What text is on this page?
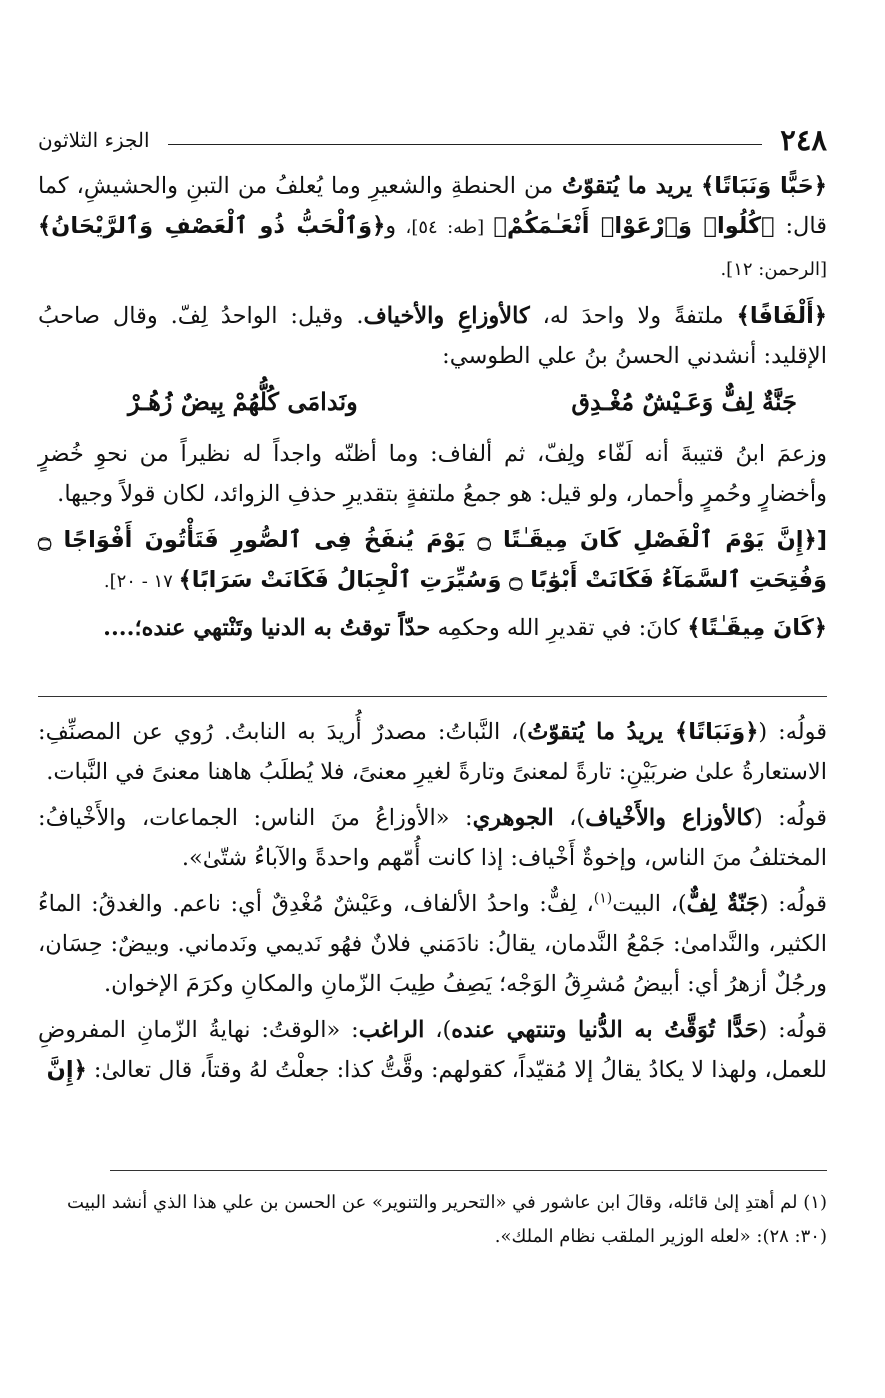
٢٤٨
الجزء الثلاثون

﴿حَبًّا وَنَبَاتًا﴾ يريد ما يُتقوّتُ من الحنطةِ والشعيرِ وما يُعلفُ من التبنِ والحشيشِ، كما قال: ﴿كُلُوا۟ وَٱرْعَوْا۟ أَنْعَـٰمَكُمْ﴾ [طه: ٥٤]، و﴿وَٱلْحَبُّ ذُو ٱلْعَصْفِ وَٱلرَّيْحَانُ﴾ [الرحمن: ١٢].

﴿أَلْفَافًا﴾ ملتفةً ولا واحدَ له، كالأوزاعِ والأخياف. وقيل: الواحدُ لِفّ. وقال صاحبُ الإقليد: أنشدني الحسنُ بنُ علي الطوسي:

جَنَّةٌ لِفٌّ وَعَـيْشٌ مُغْـدِق
ونَدامَى كُلُّهُمْ بِيضٌ زُهُـرْ

وزعمَ ابنُ قتيبةَ أنه لَفّاء ولِفّ، ثم ألفاف: وما أظنّه واجداً له نظيراً من نحوِ خُضرٍ وأخضارٍ وحُمرٍ وأحمار، ولو قيل: هو جمعُ ملتفةٍ بتقديرِ حذفِ الزوائد، لكان قولاً وجيها.

[﴿إِنَّ يَوْمَ ٱلْفَصْلِ كَانَ مِيقَـٰتًا ۝ يَوْمَ يُنفَخُ فِى ٱلصُّورِ فَتَأْتُونَ أَفْوَاجًا ۝ وَفُتِحَتِ ٱلسَّمَآءُ فَكَانَتْ أَبْوَٰبًا ۝ وَسُيِّرَتِ ٱلْجِبَالُ فَكَانَتْ سَرَابًا﴾ ١٧ - ٢٠].

﴿كَانَ مِيقَـٰتًا﴾ كانَ: في تقديرِ الله وحكمِه حدّاً توقتُ به الدنيا وتَنْتهي عنده؛....

قولُه: (﴿وَنَبَاتًا﴾ يريدُ ما يُتقوّتُ)، النَّباتُ: مصدرٌ أُريدَ به النابتُ. رُوي عن المصنِّفِ: الاستعارةُ علىٰ ضربَيْنِ: تارةً لمعنىً وتارةً لغيرِ معنىً، فلا يُطلَبُ هاهنا معنىً في النَّبات.

قولُه: (كالأوزاع والأَخْياف)، الجوهري: «الأوزاعُ منَ الناس: الجماعات، والأَخْيافُ: المختلفُ منَ الناس، وإخوةٌ أَخْياف: إذا كانت أُمّهم واحدةً والآباءُ شتّىٰ».

قولُه: (جَنّةٌ لِفٌّ)، البيت$^{(١)}$، لِفٌّ: واحدُ الألفاف، وعَيْشٌ مُغْدِقٌ أي: ناعم. والغدقُ: الماءُ الكثير، والنَّدامىٰ: جَمْعُ النَّدمان، يقالُ: نادَمَني فلانٌ فهُو نَديمي ونَدماني. وبيضٌ: حِسَان، ورجُلٌ أزهرُ أي: أبيضُ مُشرِقُ الوَجْه؛ يَصِفُ طِيبَ الزّمانِ والمكانِ وكرَمَ الإخوان.

قولُه: (حَدًّا تُوَقَّتُ به الدُّنيا وتنتهي عنده)، الراغب: «الوقتُ: نهايةُ الزّمانِ المفروضِ للعمل، ولهذا لا يكادُ يقالُ إلا مُقيّداً، كقولهم: وقَّتُّ كذا: جعلْتُ لهُ وقتاً، قال تعالىٰ: ﴿إِنَّ

(١) لم أهتدِ إلىٰ قائله، وقالَ ابن عاشور في «التحرير والتنوير» عن الحسن بن علي هذا الذي أنشد البيت (٣٠: ٢٨): «لعله الوزير الملقب نظام الملك».
